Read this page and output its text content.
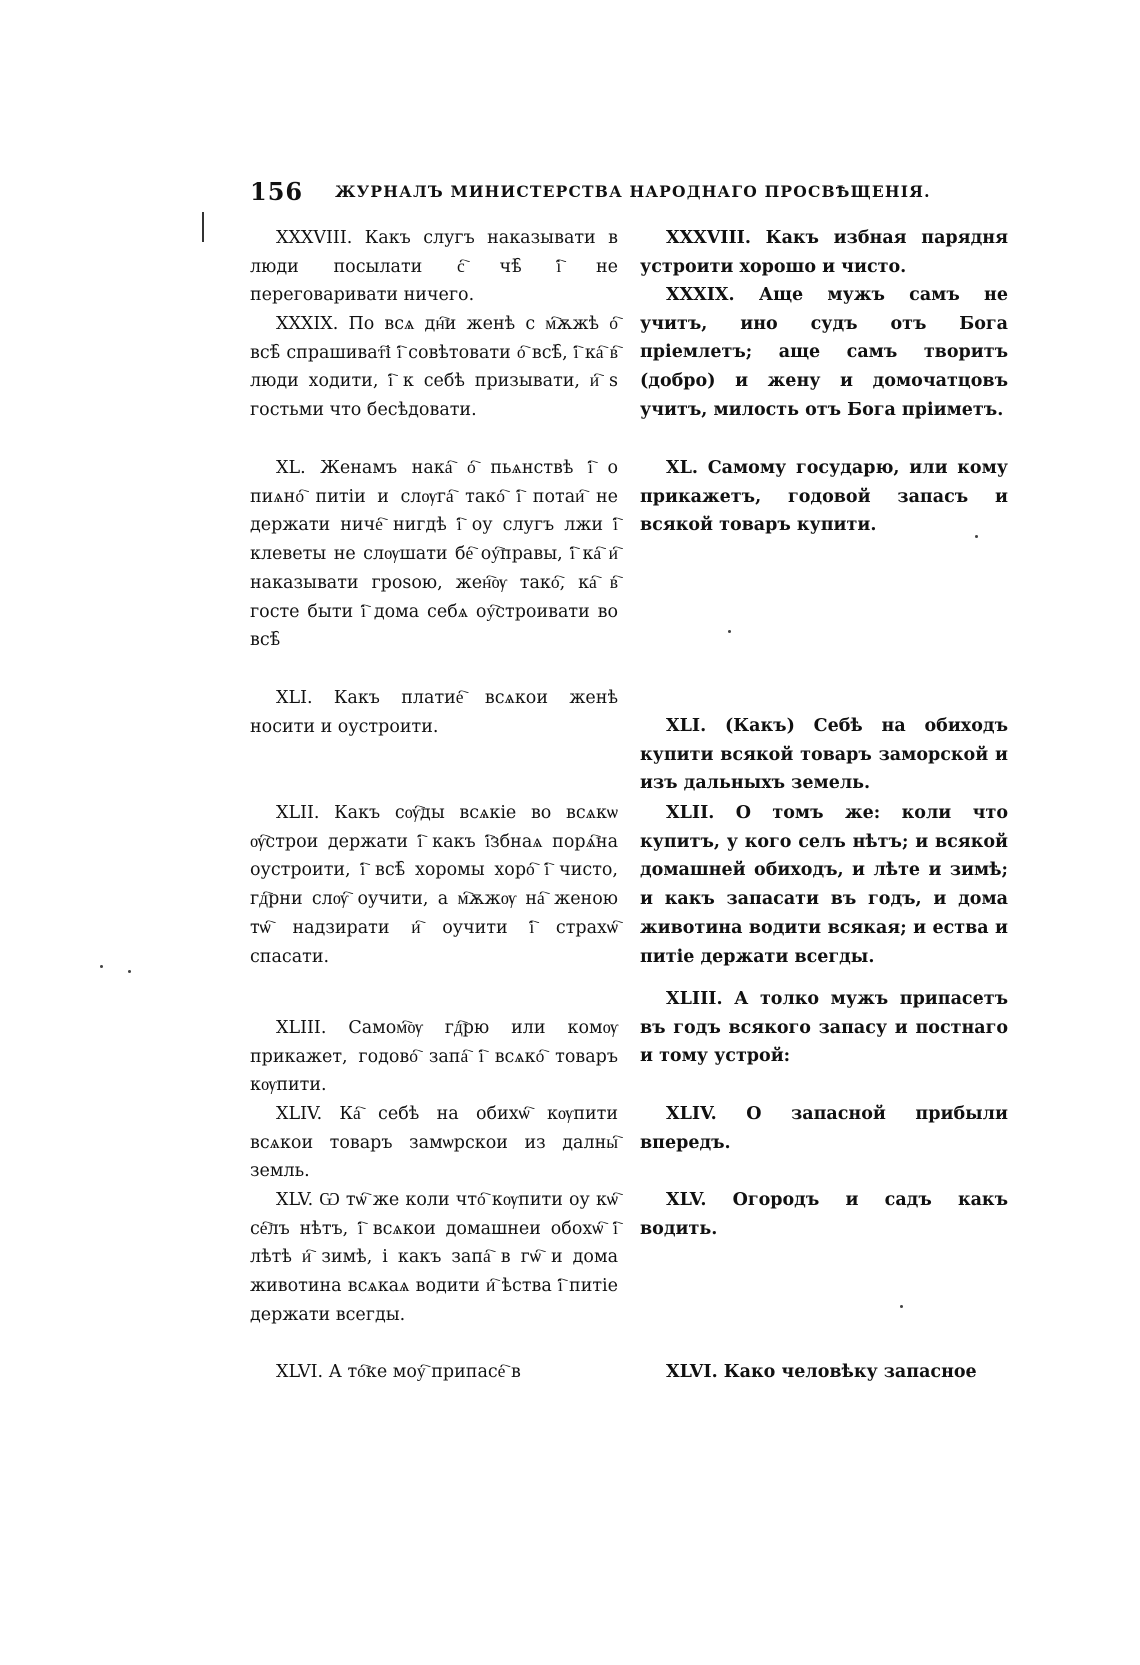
156 ЖУРНАЛЪ МИНИСТЕРСТВА НАРОДНАГО ПРОСВѢЩЕНІЯ.

XXXVIII. Какъ слугъ наказывати в люди посылати с҇ чѣ̑ і҇ не переговаривати ничего.

XXXIX. По всѧ дн҇и женѣ с м҇ѫжѣ о҇ всѣ̑ спрашиват҇і і҇ совѣтовати о҇ всѣ̑, і҇ ка҇ в҇ люди ходити, і҇ к себѣ призывати, и҇ ѕ гостьми что бесѣдовати.

XL. Женамъ нака҇ о҇ пьѧнствѣ і҇ о пиѧно҇ питіи и слѹга҇ тако҇ і҇ потаи҇ не держати ниче҇ нигдѣ і҇ оу слугъ лжи і҇ клеветы не слѹшати бе҇ оу҇правы, і҇ ка҇ и҇ наказывати гроѕою, жен҇ѹ тако҇, ка҇ в҇ госте быти і҇ дома себѧ оу҇строивати во всѣ̑

XLI. Какъ платие҇ всѧкои женѣ носити и оустроити.

XLII. Какъ сѹ҇ды всѧкіе во всѧкѡ ѹ҇строи держати і҇ какъ і҇збнаѧ порѧ҇на оустроити, і҇ всѣ̑ хоромы хоро҇ і҇ чисто, гд҇рни слѹ҇ оучити, а м҇ѫжѹ на҇ женою тѡ҇ надзирати и҇ оучити і҇ страхѡ҇ спасати.

XLIII. Самом҇ѹ гд҇рю или комѹ прикажет, годово҇ запа҇ і҇ всѧко҇ товаръ кѹпити.

XLIV. Ка҇ себѣ на обихѡ҇ кѹпити всѧкои товаръ замѡрскои из далны҇ земль.

XLV. Ѡ тѡ҇ же коли что҇ кѹпити оу кѡ҇ се҇лъ нѣтъ, і҇ всѧкои домашнеи обохѡ҇ і҇ лѣтѣ и҇ зимѣ, і какъ запа҇ в гѡ҇ и дома животина всѧкаѧ водити и҇ ѣства і҇ питіе держати всегды.

XLVI. А то҇ке моу҇ припасе҇ в

XXXVIII. Какъ избная парядня устроити хорошо и чисто.

XXXIX. Аще мужъ самъ не учитъ, ино судъ отъ Бога пріемлетъ; аще самъ творитъ (добро) и жену и домочатцовъ учитъ, милость отъ Бога пріиметъ.

XL. Самому государю, или кому прикажетъ, годовой запасъ и всякой товаръ купити.

XLI. (Какъ) Себѣ на обиходъ купити всякой товаръ заморской и изъ дальныхъ земель.

XLII. О томъ же: коли что купитъ, у кого селъ нѣтъ; и всякой домашней обиходъ, и лѣте и зимѣ; и какъ запасати въ годъ, и дома животина водити всякая; и ества и питіе держати всегды.

XLIII. А толко мужъ припасетъ въ годъ всякого запасу и постнаго и тому устрой:

XLIV. О запасной прибыли впередъ.

XLV. Огородъ и садъ какъ водить.

XLVI. Како человѣку запасное
